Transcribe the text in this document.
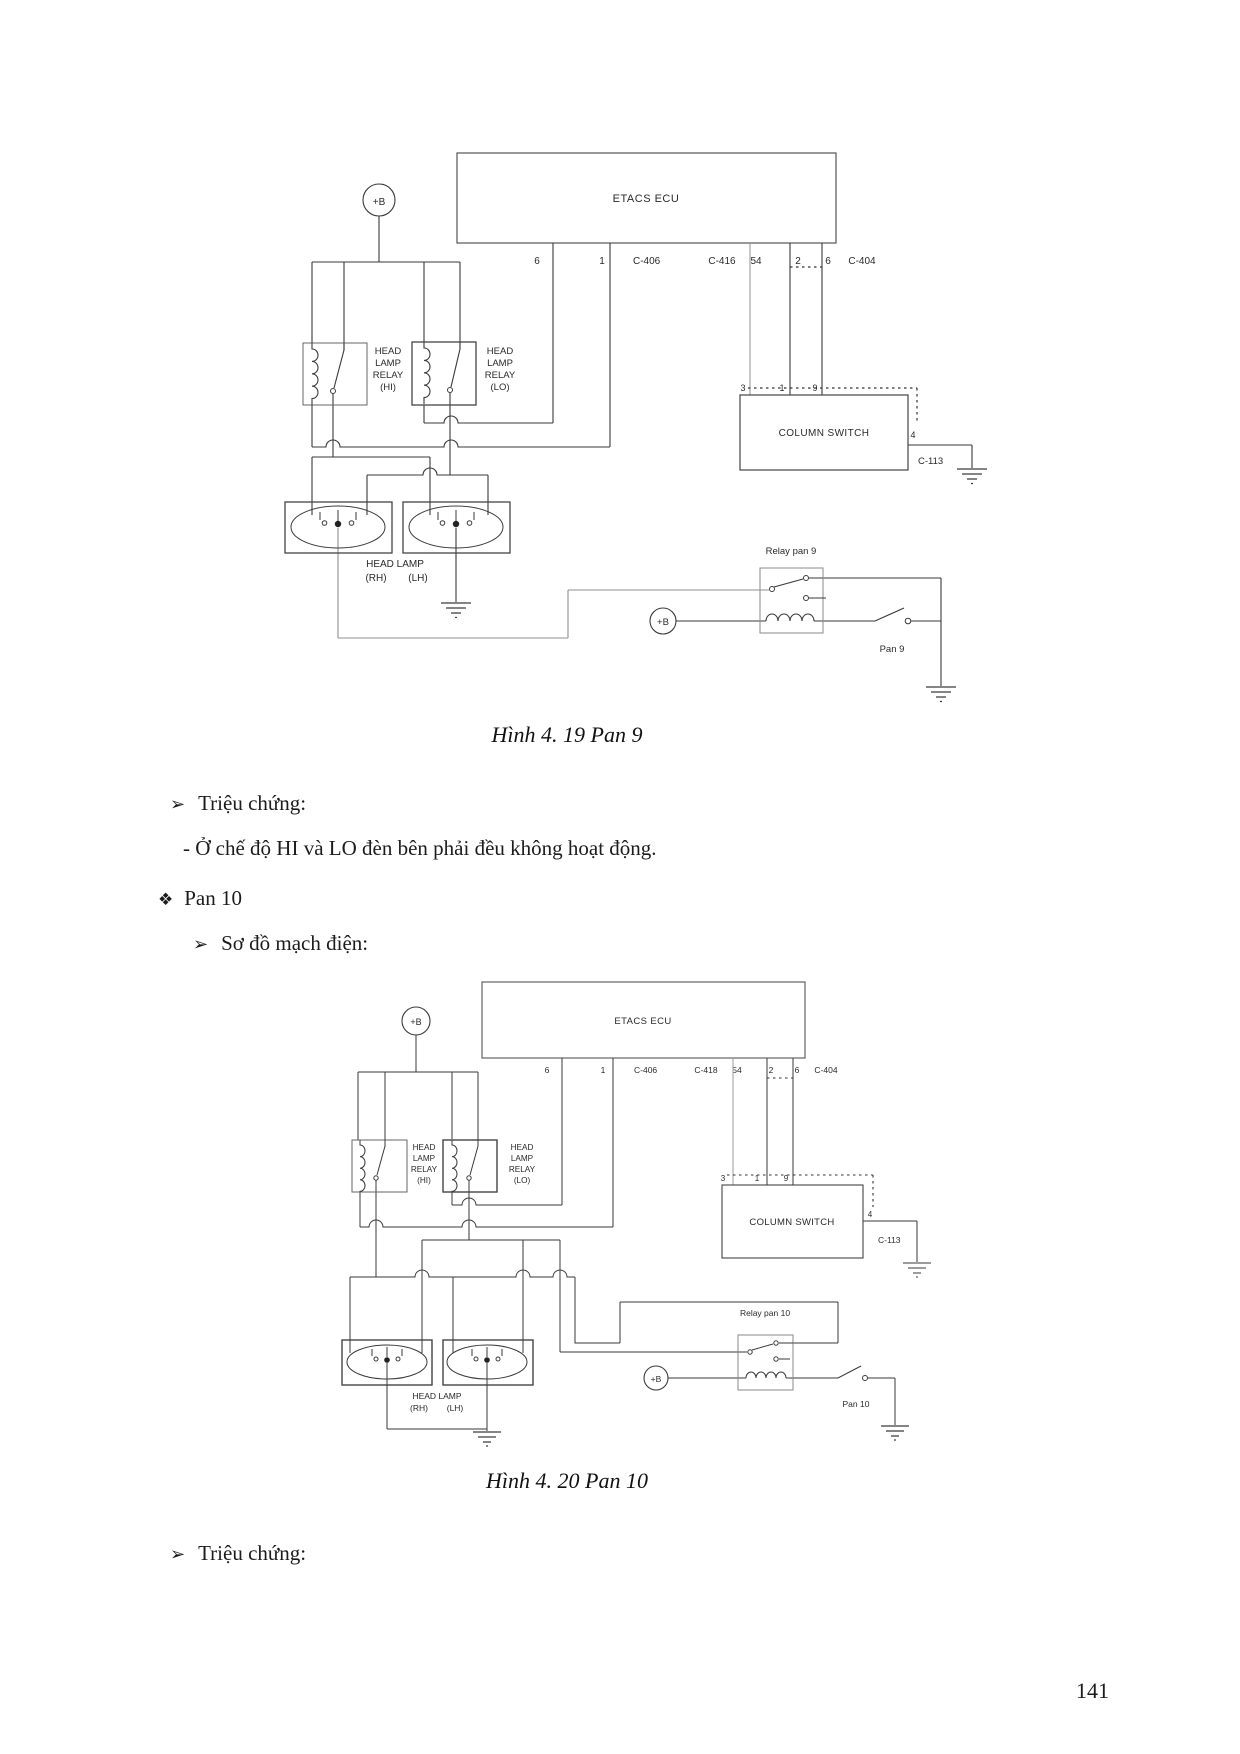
ETACS ECU
+B
6	1	C-406	C-416 54	2 6 C-404
HEAD
LAMP
RELAY
(HI)
HEAD
LAMP
RELAY
(LO)
COLUMN SWITCH
3	1	9
4
C-113
HEAD LAMP
(RH) (LH)
Relay pan 9
+B
Pan 9
Hình 4. 19 Pan 9
➢ Triệu chứng:
- Ở chế độ HI và LO đèn bên phải đều không hoạt động.
❖ Pan 10
➢ Sơ đồ mạch điện:
ETACS ECU
+B
6	1	C-406	C-418 54	2	6 C-404
HEAD
LAMP
RELAY
(HI)
HEAD
LAMP
RELAY
(LO)
COLUMN SWITCH
3	1	9
4
C-113
HEAD LAMP
(RH) (LH)
Relay pan 10
+B
Pan 10
Hình 4. 20 Pan 10
➢ Triệu chứng:
141
